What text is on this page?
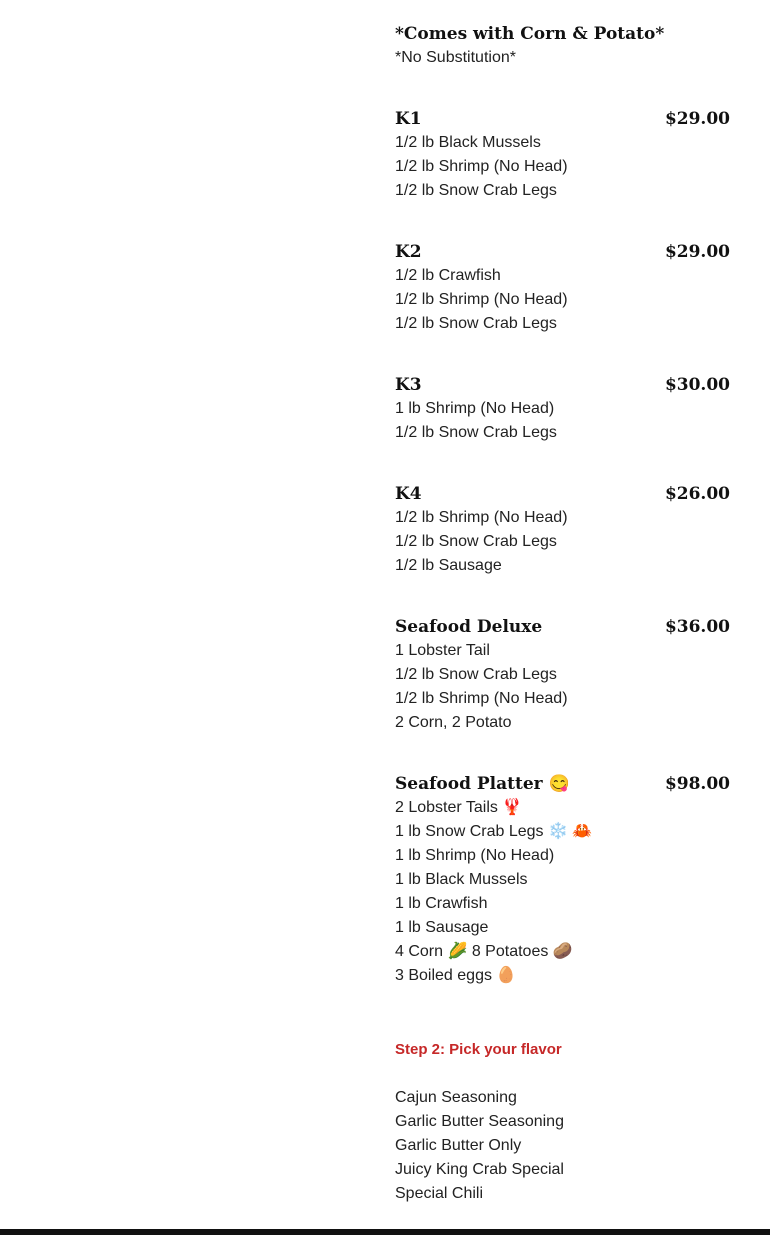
*Comes with Corn & Potato*
*No Substitution*
K1	$29.00
1/2 lb Black Mussels
1/2 lb Shrimp (No Head)
1/2 lb Snow Crab Legs
K2	$29.00
1/2 lb Crawfish
1/2 lb Shrimp (No Head)
1/2 lb Snow Crab Legs
K3	$30.00
1 lb Shrimp (No Head)
1/2 lb Snow Crab Legs
K4	$26.00
1/2 lb Shrimp (No Head)
1/2 lb Snow Crab Legs
1/2 lb Sausage
Seafood Deluxe	$36.00
1 Lobster Tail
1/2 lb Snow Crab Legs
1/2 lb Shrimp (No Head)
2 Corn, 2 Potato
Seafood Platter 😋	$98.00
2 Lobster Tails 🦞
1 lb Snow Crab Legs ❄️ 🦀
1 lb Shrimp (No Head)
1 lb Black Mussels
1 lb Crawfish
1 lb Sausage
4 Corn 🌽 8 Potatoes 🥔
3 Boiled eggs 🥚
Step 2: Pick your flavor
Cajun Seasoning
Garlic Butter Seasoning
Garlic Butter Only
Juicy King Crab Special
Special Chili
